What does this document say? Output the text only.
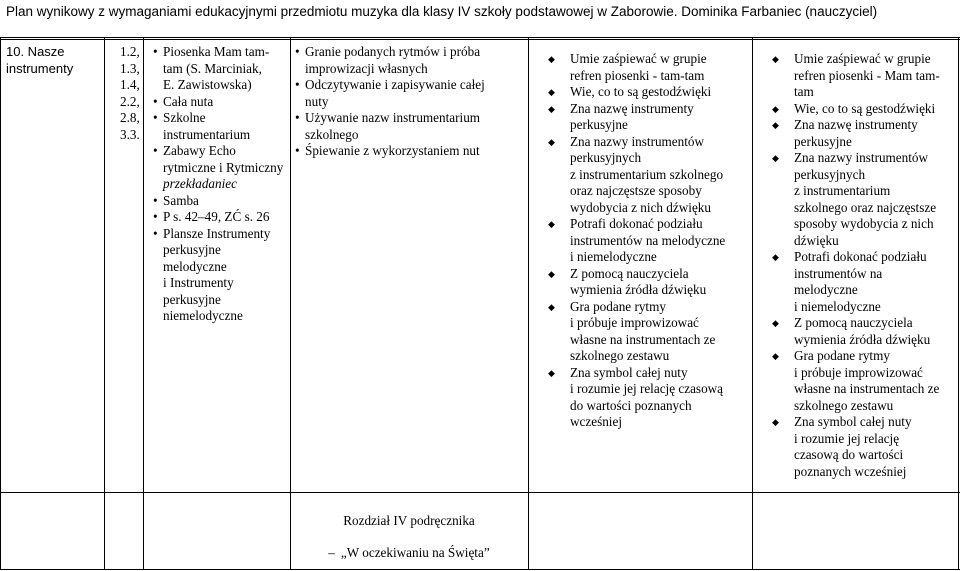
Plan wynikowy z wymaganiami edukacyjnymi przedmiotu muzyka dla klasy IV szkoły podstawowej w Zaborowie. Dominika Farbaniec (nauczyciel)
10. Nasze
instrumenty
1.2,
1.3,
1.4,
2.2,
2.8,
3.3.
• Piosenka Mam tam-
tam (S. Marciniak,
E. Zawistowska)
• Cała nuta
• Szkolne
instrumentarium
• Zabawy Echo
rytmiczne i Rytmiczny
przekładaniec
• Samba
• P s. 42–49, ZĆ s. 26
• Plansze Instrumenty
perkusyjne
melodyczne
i Instrumenty
perkusyjne
niemelodyczne
• Granie podanych rytmów i próba
improwizacji własnych
• Odczytywanie i zapisywanie całej
nuty
• Używanie nazw instrumentarium
szkolnego
• Śpiewanie z wykorzystaniem nut
◆ Umie zaśpiewać w grupie
refren piosenki - tam-tam
◆ Wie, co to są gestodźwięki
◆ Zna nazwę instrumenty
perkusyjne
◆ Zna nazwy instrumentów
perkusyjnych
z instrumentarium szkolnego
oraz najczęstsze sposoby
wydobycia z nich dźwięku
◆ Potrafi dokonać podziału
instrumentów na melodyczne
i niemelodyczne
◆ Z pomocą nauczyciela
wymienia źródła dźwięku
◆ Gra podane rytmy
i próbuje improwizować
własne na instrumentach ze
szkolnego zestawu
◆ Zna symbol całej nuty
i rozumie jej relację czasową
do wartości poznanych
wcześniej
◆ Umie zaśpiewać w grupie
refren piosenki - Mam tam-
tam
◆ Wie, co to są gestodźwięki
◆ Zna nazwę instrumenty
perkusyjne
◆ Zna nazwy instrumentów
perkusyjnych
z instrumentarium
szkolnego oraz najczęstsze
sposoby wydobycia z nich
dźwięku
◆ Potrafi dokonać podziału
instrumentów na
melodyczne
i niemelodyczne
◆ Z pomocą nauczyciela
wymienia źródła dźwięku
◆ Gra podane rytmy
i próbuje improwizować
własne na instrumentach ze
szkolnego zestawu
◆ Zna symbol całej nuty
i rozumie jej relację
czasową do wartości
poznanych wcześniej
Rozdział IV podręcznika
– „W oczekiwaniu na Święta”
